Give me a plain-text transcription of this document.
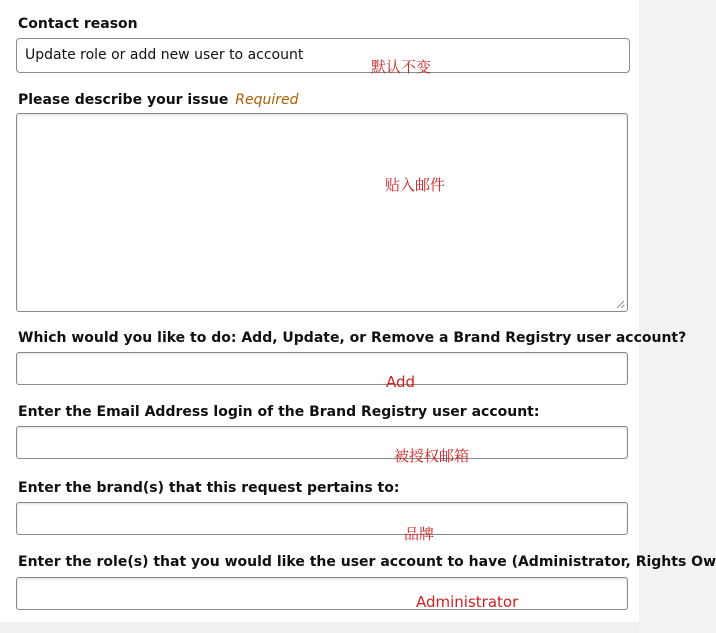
Contact reason
Update role or add new user to account
默认不变
Please describe your issue Required
贴入邮件
Which would you like to do: Add, Update, or Remove a Brand Registry user account?
Add
Enter the Email Address login of the Brand Registry user account:
被授权邮箱
Enter the brand(s) that this request pertains to:
品牌
Enter the role(s) that you would like the user account to have (Administrator, Rights Ow
Administrator
